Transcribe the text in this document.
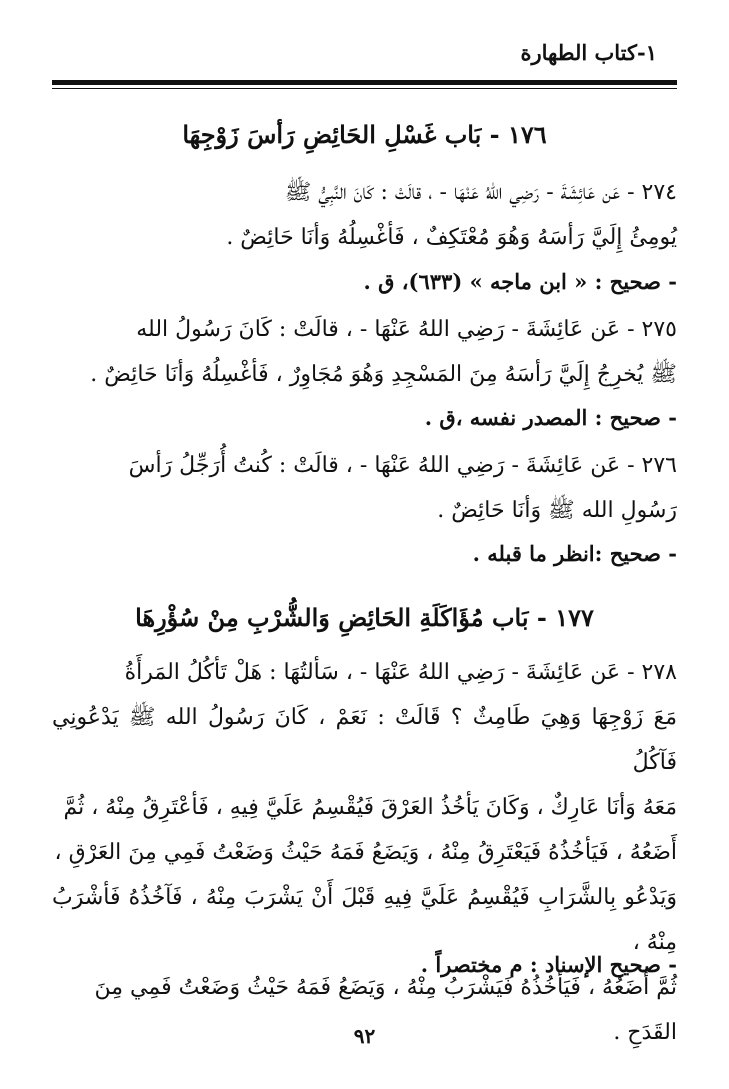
١-كتاب الطهارة
١٧٦ - بَاب غَسْلِ الحَائِضِ رَأسَ زَوْجِهَا
٢٧٤ - عَن عَائِشَةَ - رَضِي اللهُ عَنْهَا - ، قالَتْ : كَانَ النَّبِيُّ ﷺ
يُومِئُ إِلَيَّ رَأسَهُ وَهُوَ مُعْتَكِفٌ ، فَأغْسِلُهُ وَأنَا حَائِضٌ .
- صحيح : « ابن ماجه » (٦٣٣)، ق .
٢٧٥ - عَن عَائِشَةَ - رَضِي اللهُ عَنْهَا - ، قالَتْ : كَانَ رَسُولُ الله
ﷺ يُخرِجُ إِلَيَّ رَأسَهُ مِنَ المَسْجِدِ وَهُوَ مُجَاوِرٌ ، فَأغْسِلُهُ وَأنَا حَائِضٌ .
- صحيح : المصدر نفسه ،ق .
٢٧٦ - عَن عَائِشَةَ - رَضِي اللهُ عَنْهَا - ، قالَتْ : كُنتُ أُرَجِّلُ رَأسَ
رَسُولِ الله ﷺ وَأنَا حَائِضٌ .
- صحيح :انظر ما قبله .
١٧٧ - بَاب مُؤَاكَلَةِ الحَائِضِ وَالشُّرْبِ مِنْ سُؤْرِهَا
٢٧٨ - عَن عَائِشَةَ - رَضِي اللهُ عَنْهَا - ، سَألتُهَا : هَلْ تَأكُلُ المَرأَةُ
مَعَ زَوْجِهَا وَهِيَ طَامِثٌ ؟ قَالَتْ : نَعَمْ ، كَانَ رَسُولُ الله ﷺ يَدْعُونِي فَآكُلُ
مَعَهُ وَأنَا عَارِكٌ ، وَكَانَ يَأخُذُ العَرْقَ فَيُقْسِمُ عَلَيَّ فِيهِ ، فَأعْتَرِقُ مِنْهُ ، ثُمَّ
أَضَعُهُ ، فَيَأخُذُهُ فَيَعْتَرِقُ مِنْهُ ، وَيَضَعُ فَمَهُ حَيْثُ وَضَعْتُ فَمِي مِنَ العَرْقِ ،
وَيَدْعُو بِالشَّرَابِ فَيُقْسِمُ عَلَيَّ فِيهِ قَبْلَ أَنْ يَشْرَبَ مِنْهُ ، فَآخُذُهُ فَأشْرَبُ مِنْهُ ،
ثُمَّ أَضَعُهُ ، فَيَأخُذُهُ فَيَشْرَبُ مِنْهُ ، وَيَضَعُ فَمَهُ حَيْثُ وَضَعْتُ فَمِي مِنَ
القَدَحِ .
- صحيح الإسناد : م مختصراً .
٩٢
